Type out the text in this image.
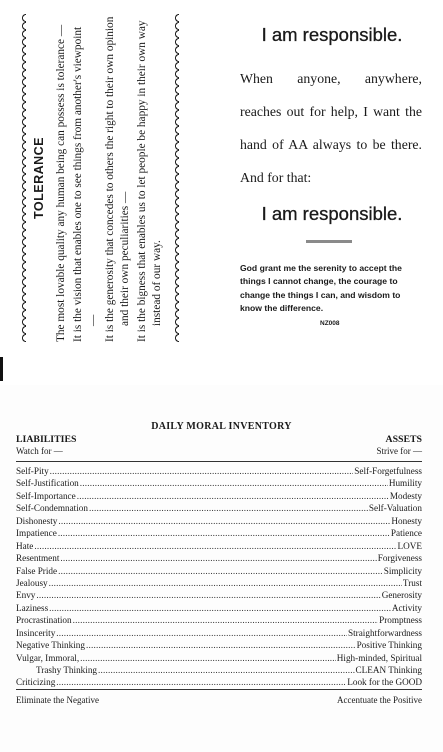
TOLERANCE The most lovable quality any human being can possess is tolerance — It is the vision that enables one to see things from another's viewpoint — It is the generosity that concedes to others the right to their own opinion and their own peculiarities — It is the bigness that enables us to let people be happy in their own way instead of our way.

I am responsible.
When anyone, anywhere, reaches out for help, I want the hand of AA always to be there. And for that:
I am responsible.
God grant me the serenity to accept the things I cannot change, the courage to change the things I can, and wisdom to know the difference.
NZ008
DAILY MORAL INVENTORY
LIABILITIES	ASSETS
Watch for —	Strive for —
Self-Pity .....	Self-Forgetfulness
Self-Justification .....	Humility
Self-Importance .....	Modesty
Self-Condemnation .....	Self-Valuation
Dishonesty .....	Honesty
Impatience .....	Patience
Hate .....	LOVE
Resentment .....	Forgiveness
False Pride .....	Simplicity
Jealousy .....	Trust
Envy .....	Generosity
Laziness .....	Activity
Procrastination .....	Promptness
Insincerity .....	Straightforwardness
Negative Thinking .....	Positive Thinking
Vulgar, Immoral, .....	High-minded, Spiritual
Trashy Thinking .....	CLEAN Thinking
Criticizing .....	Look for the GOOD
Eliminate the Negative	Accentuate the Positive
